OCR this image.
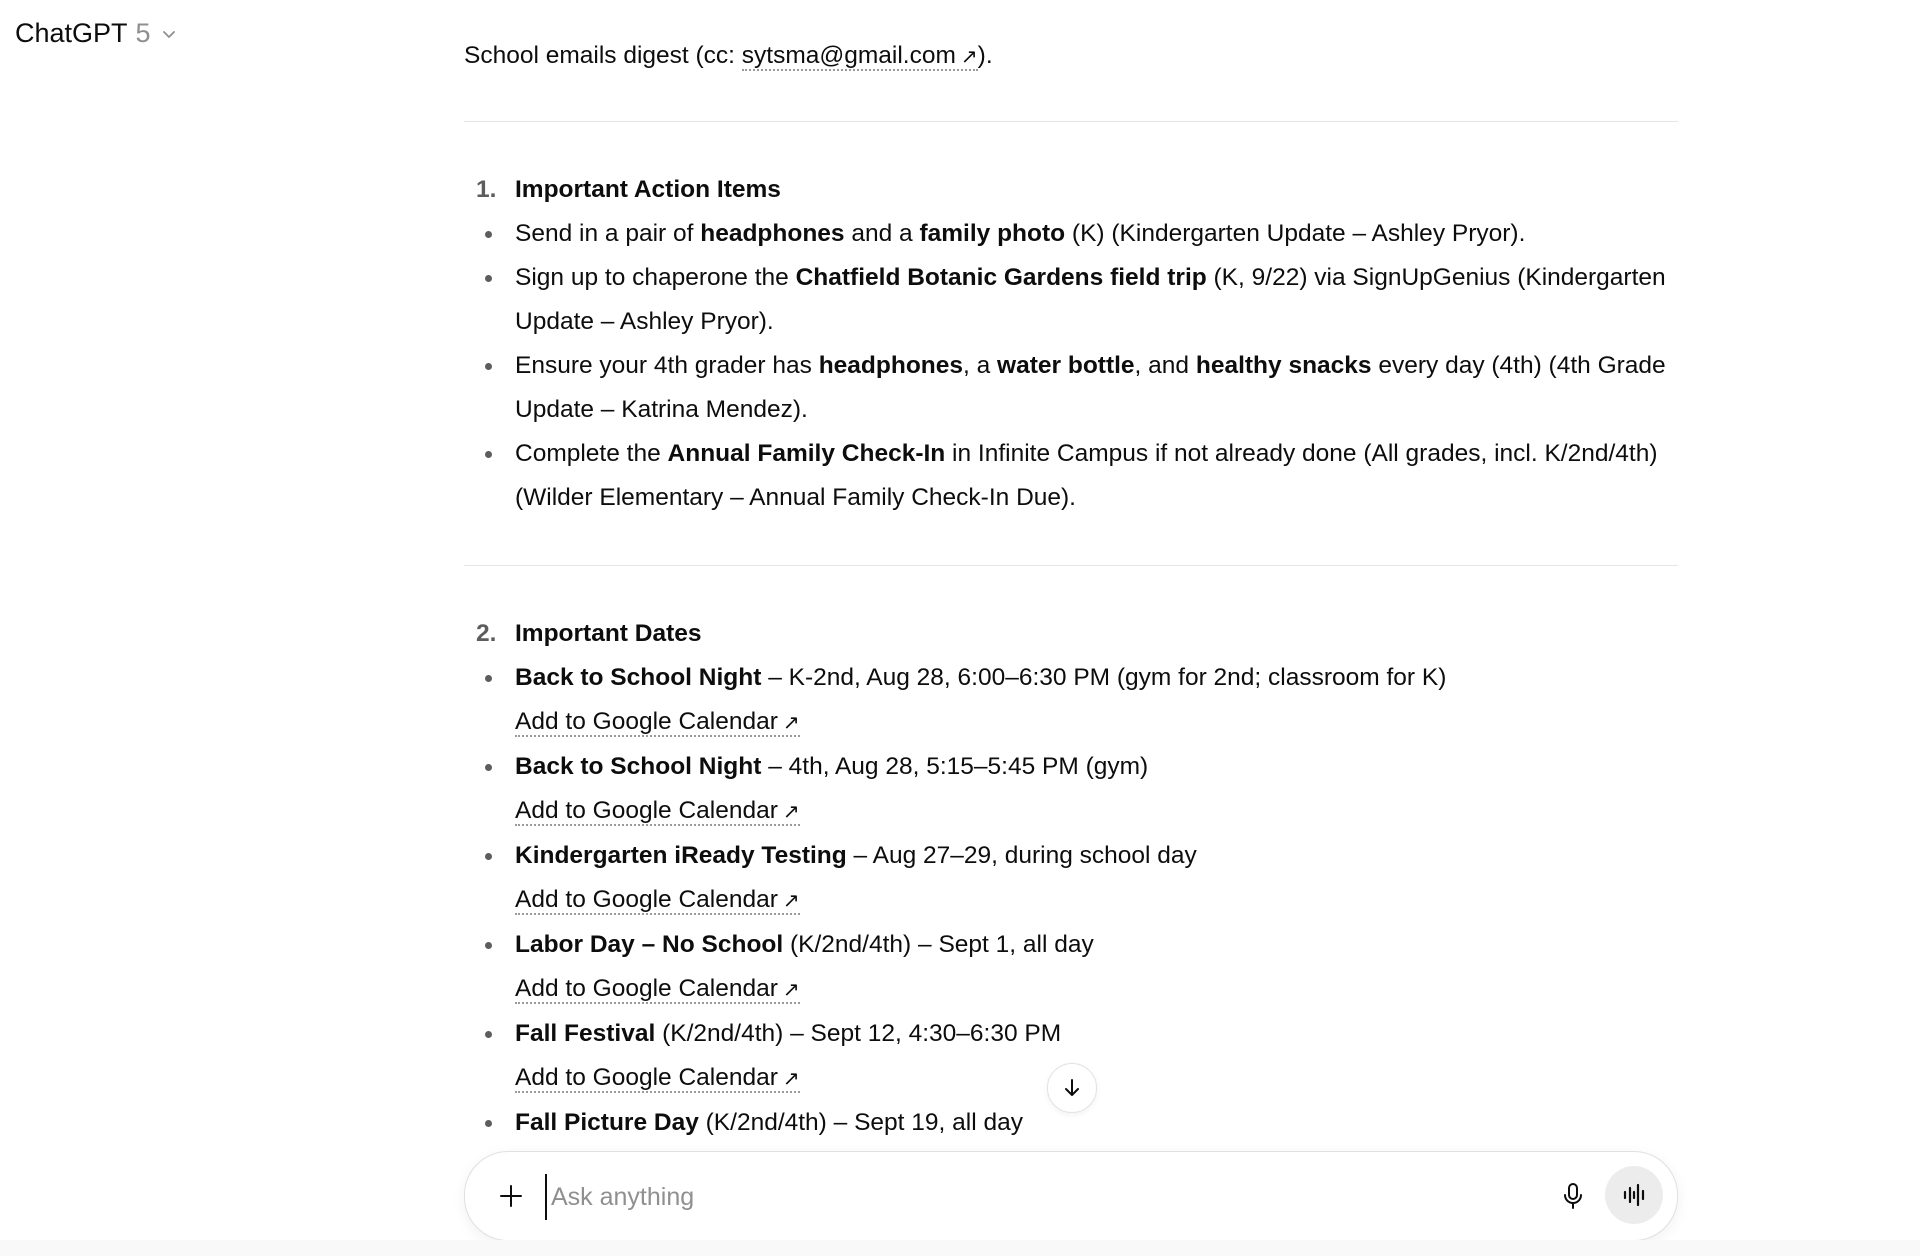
ChatGPT 5
School emails digest (cc: sytsma@gmail.com ↗).
1. Important Action Items
Send in a pair of headphones and a family photo (K) (Kindergarten Update – Ashley Pryor).
Sign up to chaperone the Chatfield Botanic Gardens field trip (K, 9/22) via SignUpGenius (Kindergarten Update – Ashley Pryor).
Ensure your 4th grader has headphones, a water bottle, and healthy snacks every day (4th) (4th Grade Update – Katrina Mendez).
Complete the Annual Family Check-In in Infinite Campus if not already done (All grades, incl. K/2nd/4th) (Wilder Elementary – Annual Family Check-In Due).
2. Important Dates
Back to School Night – K-2nd, Aug 28, 6:00–6:30 PM (gym for 2nd; classroom for K)
Add to Google Calendar ↗
Back to School Night – 4th, Aug 28, 5:15–5:45 PM (gym)
Add to Google Calendar ↗
Kindergarten iReady Testing – Aug 27–29, during school day
Add to Google Calendar ↗
Labor Day – No School (K/2nd/4th) – Sept 1, all day
Add to Google Calendar ↗
Fall Festival (K/2nd/4th) – Sept 12, 4:30–6:30 PM
Add to Google Calendar ↗
Fall Picture Day (K/2nd/4th) – Sept 19, all day
Ask anything
